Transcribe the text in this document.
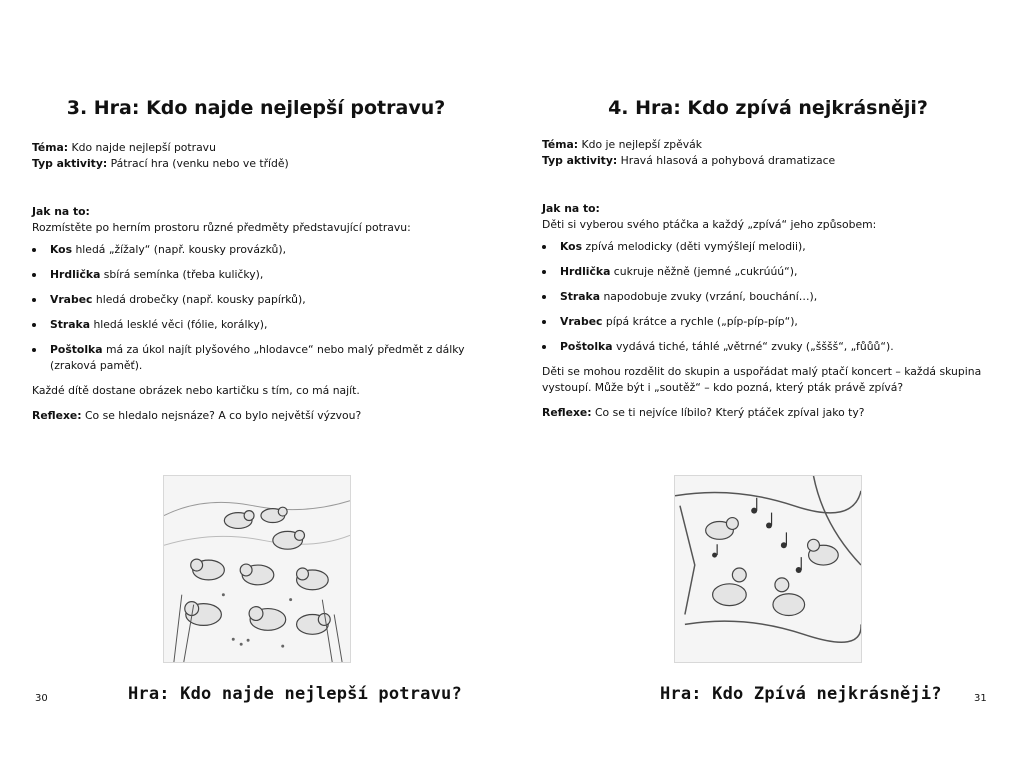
3. Hra: Kdo najde nejlepší potravu?

Téma: Kdo najde nejlepší potravu

Typ aktivity: Pátrací hra (venku nebo ve třídě)

Jak na to:

Rozmístěte po herním prostoru různé předměty představující potravu:

Kos hledá „žížaly“ (např. kousky provázků),
Hrdlička sbírá semínka (třeba kuličky),
Vrabec hledá drobečky (např. kousky papírků),
Straka hledá lesklé věci (fólie, korálky),
Poštolka má za úkol najít plyšového „hlodavce“ nebo malý předmět z dálky (zraková paměť).

Každé dítě dostane obrázek nebo kartičku s tím, co má najít.

Reflexe: Co se hledalo nejsnáze? A co bylo největší výzvou?

Hra: Kdo najde nejlepší potravu?
30
4. Hra: Kdo zpívá nejkrásněji?

Téma: Kdo je nejlepší zpěvák

Typ aktivity: Hravá hlasová a pohybová dramatizace

Jak na to:

Děti si vyberou svého ptáčka a každý „zpívá“ jeho způsobem:

Kos zpívá melodicky (děti vymýšlejí melodii),
Hrdlička cukruje něžně (jemné „cukrúúú“),
Straka napodobuje zvuky (vrzání, bouchání…),
Vrabec pípá krátce a rychle („píp-píp-píp“),
Poštolka vydává tiché, táhlé „větrné“ zvuky („šššš“, „fůůů“).

Děti se mohou rozdělit do skupin a uspořádat malý ptačí koncert – každá skupina vystoupí. Může být i „soutěž“ – kdo pozná, který pták právě zpívá?

Reflexe: Co se ti nejvíce líbilo? Který ptáček zpíval jako ty?

Hra: Kdo Zpívá nejkrásněji?	31
